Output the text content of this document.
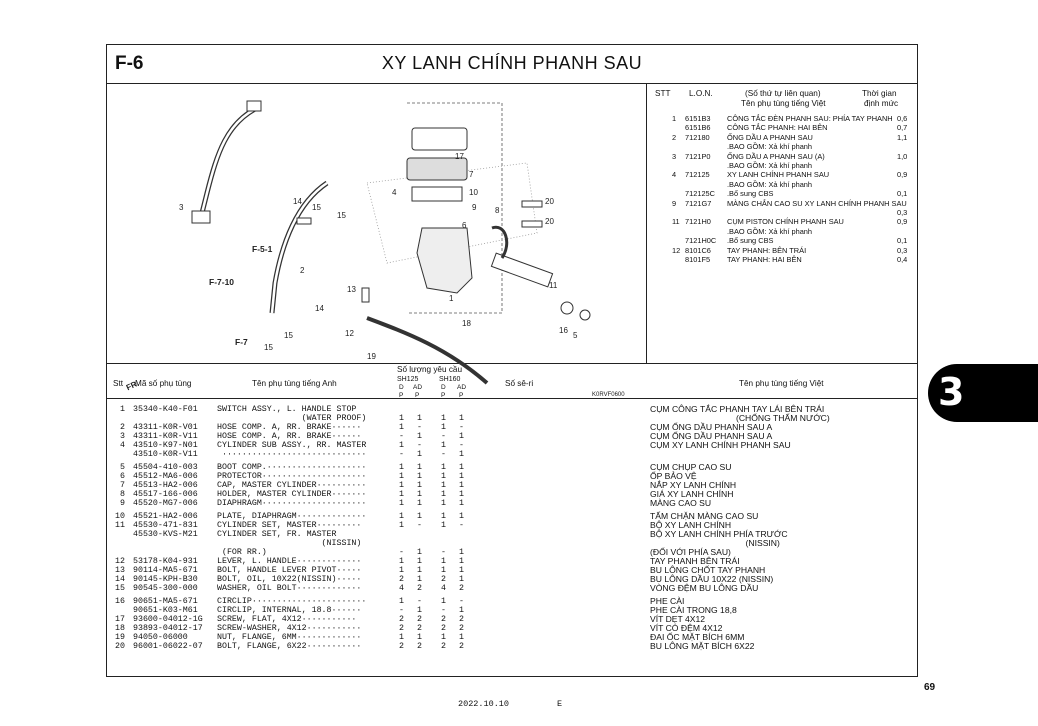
F-6	XY LANH CHÍNH PHANH SAU
3
2
4
17
7
10
9
6
8
20
20
14
15
15
13
1
18
14
15
15
12
19
11
16
5
F-5-1
F-7-10
F-7
FR.
K0RVF0600
STT L.O.N.	(Số thứ tự liên quan)
Tên phụ tùng tiếng Việt
Thời gian
định mức
1 6151B3 CÔNG TẮC ĐÈN PHANH SAU: PHÍA TAY PHANH 0,6
6151B6 CÔNG TẮC PHANH: HAI BÊN	0,7
2 712180 ỐNG DẦU A PHANH SAU	1,1
.BAO GỒM: Xả khí phanh
3 7121P0 ỐNG DẦU A PHANH SAU (A)	1,0
.BAO GỒM: Xả khí phanh
4 712125 XY LANH CHÍNH PHANH SAU	0,9
.BAO GỒM: Xả khí phanh
712125C .Bổ sung CBS	0,1
9 7121G7 MÀNG CHẮN CAO SU XY LANH CHÍNH PHANH SAU
0,3
11 7121H0 CỤM PISTON CHÍNH PHANH SAU	0,9
.BAO GỒM: Xả khí phanh
7121H0C .Bổ sung CBS	0,1
12 8101C6 TAY PHANH: BÊN TRÁI	0,3
8101F5 TAY PHANH: HAI BÊN	0,4
Stt Mã số phụ tùng	Tên phụ tùng tiếng Anh
Số lượng yêu cầu
SH125	SH160
D AD	D AD
P P	P P
Số sê-ri	Tên phụ tùng tiếng Việt
1 35340-K40-F01 SWITCH ASSY., L. HANDLE STOP	CỤM CÔNG TẮC PHANH TAY LÁI BÊN TRÁI
(WATER PROOF)	1 1 1 1	(CHỐNG THẤM NƯỚC)
2 43311-K0R-V01 HOSE COMP. A, RR. BRAKE······	1 - 1 -	CỤM ỐNG DẦU PHANH SAU A
3 43311-K0R-V11 HOSE COMP. A, RR. BRAKE······	- 1 - 1	CỤM ỐNG DẦU PHANH SAU A
4 43510-K97-N01 CYLINDER SUB ASSY., RR. MASTER	1 - 1 -	CỤM XY LANH CHÍNH PHANH SAU
43510-K0R-V11 ·····························	- 1 - 1
5 45504-410-003 BOOT COMP.····················	1 1 1 1	CỤM CHỤP CAO SU
6 45512-MA6-006 PROTECTOR·····················	1 1 1 1	ỐP BẢO VỆ
7 45513-HA2-006 CAP, MASTER CYLINDER··········	1 1 1 1	NẮP XY LANH CHÍNH
8 45517-166-006 HOLDER, MASTER CYLINDER·······	1 1 1 1	GIÁ XY LANH CHÍNH
9 45520-MG7-006 DIAPHRAGM·····················	1 1 1 1	MÀNG CAO SU
10 45521-HA2-006 PLATE, DIAPHRAGM··············	1 1 1 1	TẤM CHẶN MÀNG CAO SU
11 45530-471-831 CYLINDER SET, MASTER·········	1 - 1 -	BỘ XY LANH CHÍNH
45530-KVS-M21 CYLINDER SET, FR. MASTER	BỘ XY LANH CHÍNH PHÍA TRƯỚC
(NISSIN)	(NISSIN)
(FOR RR.)	- 1 - 1	(ĐỐI VỚI PHÍA SAU)
12 53178-K04-931 LEVER, L. HANDLE·············	1 1 1 1	TAY PHANH BÊN TRÁI
13 90114-MA5-671 BOLT, HANDLE LEVER PIVOT·····	1 1 1 1	BU LÔNG CHỐT TAY PHANH
14 90145-KPH-B30 BOLT, OIL, 10X22(NISSIN)·····	2 1 2 1	BU LÔNG DẦU 10X22 (NISSIN)
15 90545-300-000 WASHER, OIL BOLT·············	4 2 4 2	VÒNG ĐỆM BU LÔNG DẦU
16 90651-MA5-671 CIRCLIP·······················	1 - 1 -	PHE CÀI
90651-K03-M61 CIRCLIP, INTERNAL, 18.8······	- 1 - 1	PHE CÀI TRONG 18,8
17 93600-04012-1G SCREW, FLAT, 4X12···········	2 2 2 2	VÍT DẸT 4X12
18 93893-04012-17 SCREW-WASHER, 4X12···········	2 2 2 2	VÍT CÓ ĐỆM 4X12
19 94050-06000	NUT, FLANGE, 6MM·············	1 1 1 1	ĐAI ỐC MẶT BÍCH 6MM
20 96001-06022-07 BOLT, FLANGE, 6X22···········	2 2 2 2	BU LÔNG MẶT BÍCH 6X22
3
69
2022.10.10	E
